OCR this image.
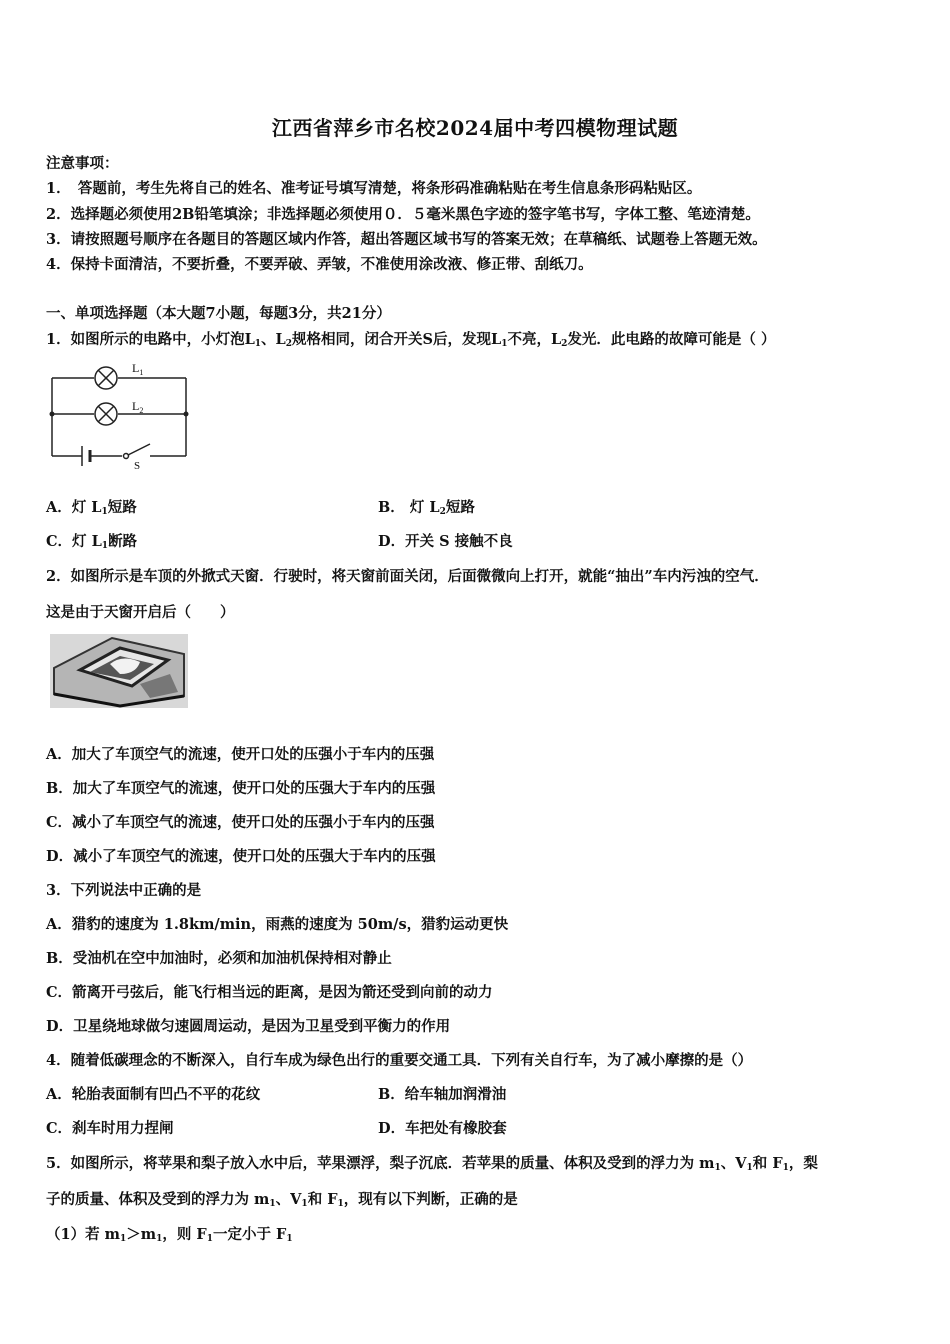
江西省萍乡市名校2024届中考四模物理试题
注意事项：
1．　答题前，考生先将自己的姓名、准考证号填写清楚，将条形码准确粘贴在考生信息条形码粘贴区。
2．选择题必须使用2B铅笔填涂；非选择题必须使用０．５毫米黑色字迹的签字笔书写，字体工整、笔迹清楚。
3．请按照题号顺序在各题目的答题区域内作答，超出答题区域书写的答案无效；在草稿纸、试题卷上答题无效。
4．保持卡面清洁，不要折叠，不要弄破、弄皱，不准使用涂改液、修正带、刮纸刀。
一、单项选择题（本大题7小题，每题3分，共21分）
1．如图所示的电路中，小灯泡$L_1$、$L_2$规格相同，闭合开关S后，发现$L_1$不亮，$L_2$发光．此电路的故障可能是（ ）
$L_1$
$L_2$
S
A．灯 $L_1$短路	B． 灯 $L_2$短路
C．灯 $L_1$断路	D．开关 S 接触不良
2．如图所示是车顶的外掀式天窗．行驶时，将天窗前面关闭，后面微微向上打开，就能“抽出”车内污浊的空气．
这是由于天窗开启后（　　）
A．加大了车顶空气的流速，使开口处的压强小于车内的压强
B．加大了车顶空气的流速，使开口处的压强大于车内的压强
C．减小了车顶空气的流速，使开口处的压强小于车内的压强
D．减小了车顶空气的流速，使开口处的压强大于车内的压强
3．下列说法中正确的是
A．猎豹的速度为 1.8km/min，雨燕的速度为 50m/s，猎豹运动更快
B．受油机在空中加油时，必须和加油机保持相对静止
C．箭离开弓弦后，能飞行相当远的距离，是因为箭还受到向前的动力
D．卫星绕地球做匀速圆周运动，是因为卫星受到平衡力的作用
4．随着低碳理念的不断深入，自行车成为绿色出行的重要交通工具．下列有关自行车，为了减小摩擦的是（）
A．轮胎表面制有凹凸不平的花纹	B．给车轴加润滑油
C．刹车时用力捏闸	D．车把处有橡胶套
5．如图所示，将苹果和梨子放入水中后，苹果漂浮，梨子沉底．若苹果的质量、体积及受到的浮力为 $m_1$、$V_1$和 $F_1$，梨
子的质量、体积及受到的浮力为 $m_1$、$V_1$和 $F_1$，现有以下判断，正确的是
（1）若 $m_1>m_1$，则 $F_1$一定小于 $F_1$
